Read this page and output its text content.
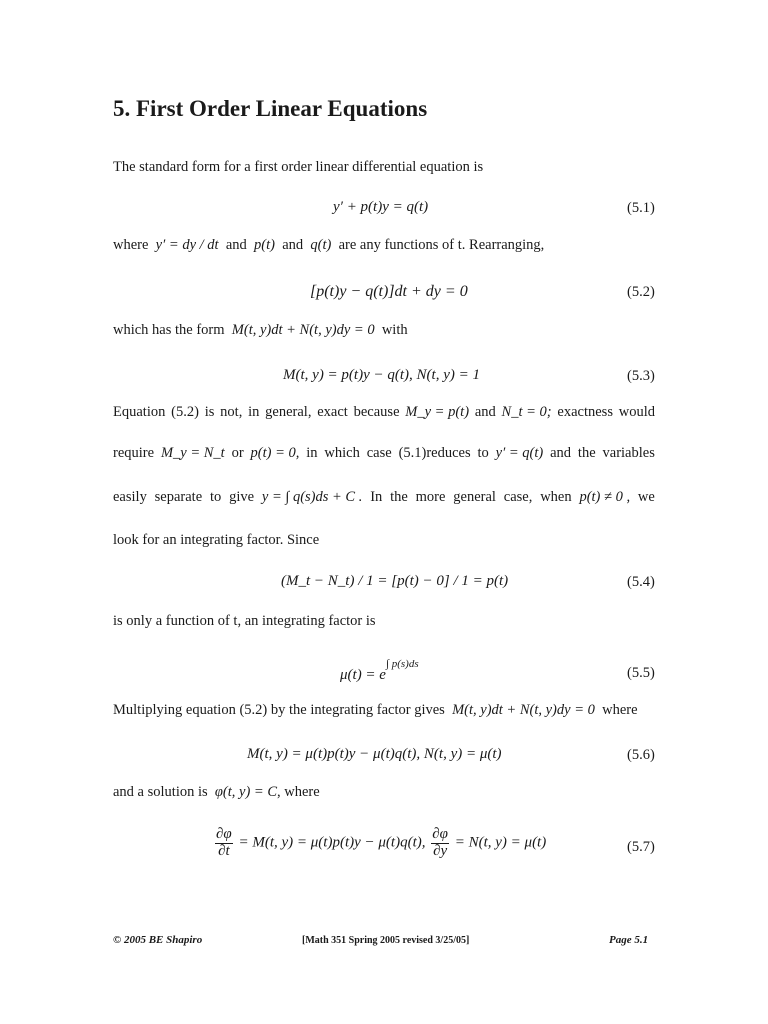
5. First Order Linear Equations
The standard form for a first order linear differential equation is
y′ + p(t)y = q(t)	(5.1)
where y′ = dy / dt and p(t) and q(t) are any functions of t. Rearranging,
[p(t)y − q(t)]dt + dy = 0	(5.2)
which has the form M(t, y)dt + N(t, y)dy = 0 with
M(t, y) = p(t)y − q(t), N(t, y) = 1	(5.3)
Equation (5.2) is not, in general, exact because M_y = p(t) and N_t = 0; exactness would
require M_y = N_t or p(t) = 0, in which case (5.1)reduces to y′ = q(t) and the variables
easily separate to give y = ∫ q(s)ds + C . In the more general case, when p(t) ≠ 0 , we
look for an integrating factor. Since
(M_t − N_t) / 1 = [p(t) − 0] / 1 = p(t)	(5.4)
is only a function of t, an integrating factor is
$\mu(t) = e^{\int p(s)ds}$
(5.5)
Multiplying equation (5.2) by the integrating factor gives M(t, y)dt + N(t, y)dy = 0 where
M(t, y) = μ(t)p(t)y − μ(t)q(t), N(t, y) = μ(t)	(5.6)
and a solution is φ(t, y) = C, where
$\frac{\partial\varphi}{\partial t} = M(t$, y) = μ(t)p(t)y − μ(t)q(t), $\frac{\partial\varphi}{\partial y} = N(t$, y) = μ(t)	(5.7)
© 2005 BE Shapiro	[Math 351 Spring 2005 revised 3/25/05]	Page 5.1
